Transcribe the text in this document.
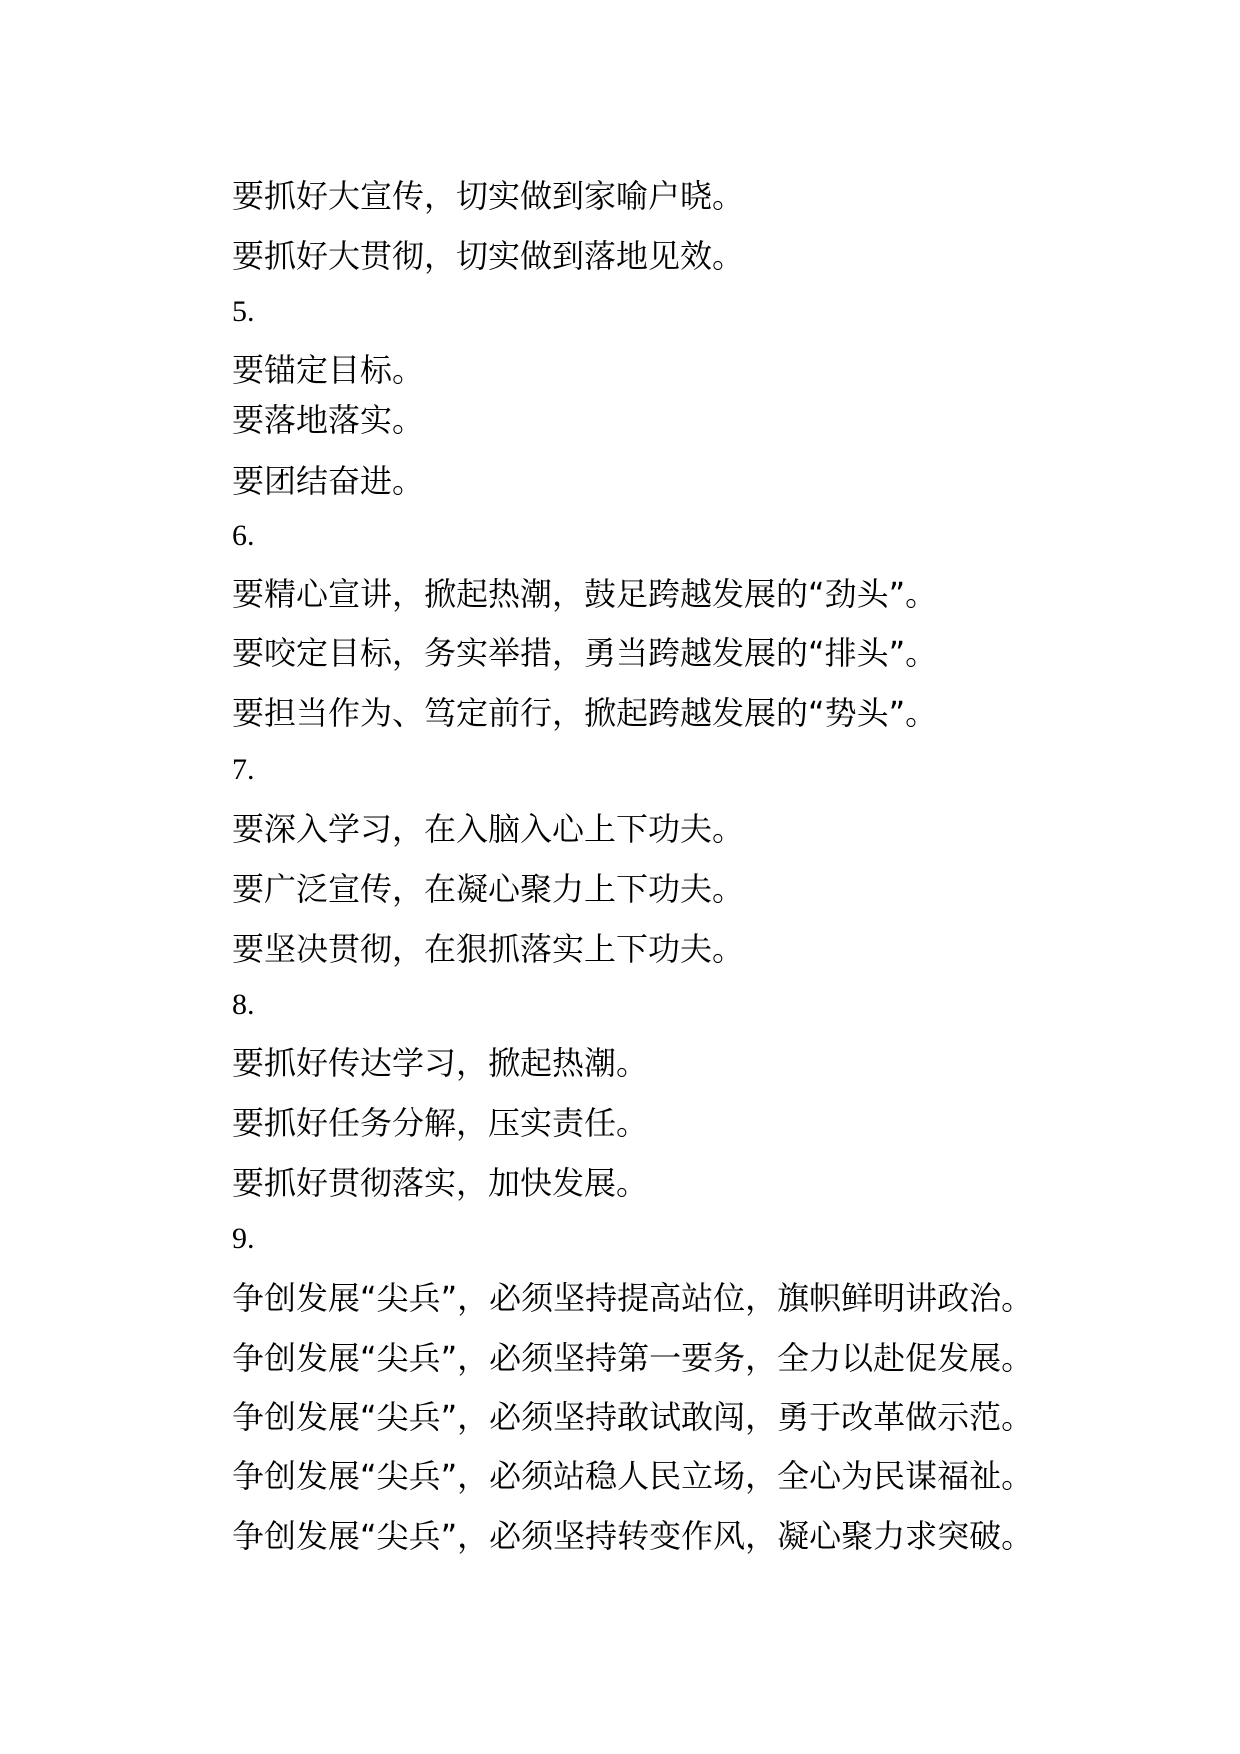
要抓好大宣传，切实做到家喻户晓。
要抓好大贯彻，切实做到落地见效。
5.
要锚定目标。
要落地落实。
要团结奋进。
6.
要精心宣讲，掀起热潮，鼓足跨越发展的“劲头”。
要咬定目标，务实举措，勇当跨越发展的“排头”。
要担当作为、笃定前行，掀起跨越发展的“势头”。
7.
要深入学习，在入脑入心上下功夫。
要广泛宣传，在凝心聚力上下功夫。
要坚决贯彻，在狠抓落实上下功夫。
8.
要抓好传达学习，掀起热潮。
要抓好任务分解，压实责任。
要抓好贯彻落实，加快发展。
9.
争创发展“尖兵”，必须坚持提高站位，旗帜鲜明讲政治。
争创发展“尖兵”，必须坚持第一要务，全力以赴促发展。
争创发展“尖兵”，必须坚持敢试敢闯，勇于改革做示范。
争创发展“尖兵”，必须站稳人民立场，全心为民谋福祉。
争创发展“尖兵”，必须坚持转变作风，凝心聚力求突破。
